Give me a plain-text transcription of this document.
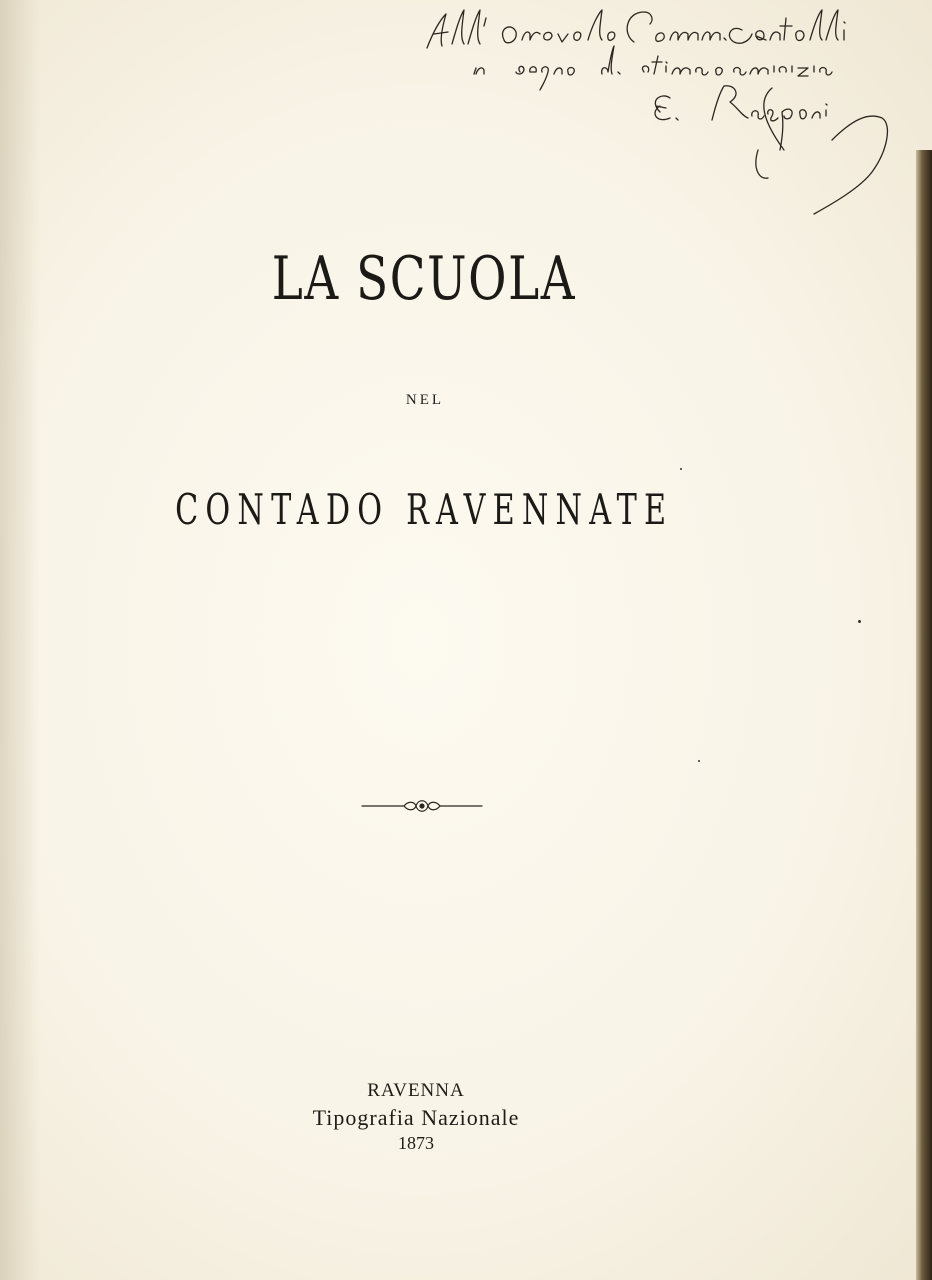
LA SCUOLA
NEL
CONTADO RAVENNATE
RAVENNA
Tipografia Nazionale
1873
